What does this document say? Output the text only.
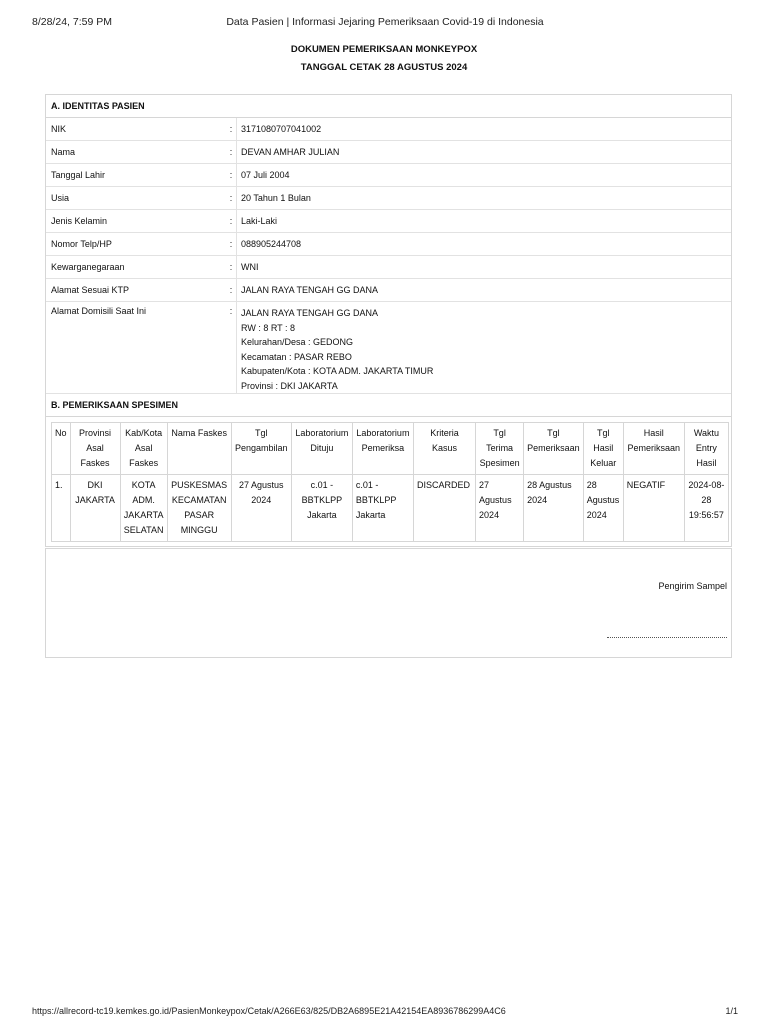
8/28/24, 7:59 PM	Data Pasien | Informasi Jejaring Pemeriksaan Covid-19 di Indonesia
DOKUMEN PEMERIKSAAN MONKEYPOX
TANGGAL CETAK 28 AGUSTUS 2024
A. IDENTITAS PASIEN
NIK	: 3171080707041002
Nama	: DEVAN AMHAR JULIAN
Tanggal Lahir	: 07 Juli 2004
Usia	: 20 Tahun 1 Bulan
Jenis Kelamin	: Laki-Laki
Nomor Telp/HP	: 088905244708
Kewarganegaraan	: WNI
Alamat Sesuai KTP	: JALAN RAYA TENGAH GG DANA
Alamat Domisili Saat Ini	: JALAN RAYA TENGAH GG DANA
RW : 8 RT : 8
Kelurahan/Desa : GEDONG
Kecamatan : PASAR REBO
Kabupaten/Kota : KOTA ADM. JAKARTA TIMUR
Provinsi : DKI JAKARTA
B. PEMERIKSAAN SPESIMEN
No	Provinsi Asal Faskes	Kab/Kota Asal Faskes	Nama Faskes	Tgl Pengambilan	Laboratorium Dituju	Laboratorium Pemeriksa	Kriteria Kasus	Tgl Terima Spesimen	Tgl Pemeriksaan	Tgl Hasil Keluar	Hasil Pemeriksaan	Waktu Entry Hasil
1.	DKI JAKARTA	KOTA ADM. JAKARTA SELATAN	PUSKESMAS KECAMATAN PASAR MINGGU	27 Agustus 2024	c.01 - BBTKLPP Jakarta	c.01 - BBTKLPP Jakarta	DISCARDED	27 Agustus 2024	28 Agustus 2024	28 Agustus 2024	NEGATIF	2024-08-28 19:56:57
Pengirim Sampel
https://allrecord-tc19.kemkes.go.id/PasienMonkeypox/Cetak/A266E63/825/DB2A6895E21A42154EA8936786299A4C6	1/1
